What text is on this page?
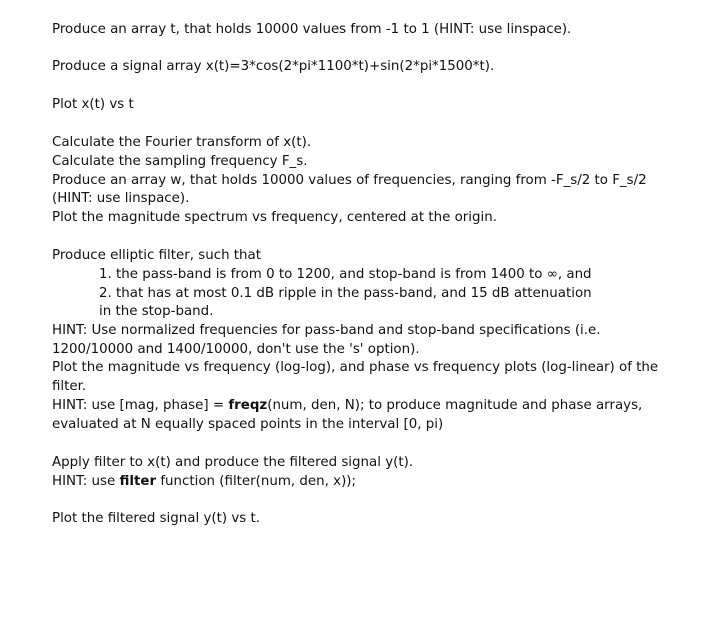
Produce an array t, that holds 10000 values from -1 to 1 (HINT: use linspace).
Produce a signal array x(t)=3*cos(2*pi*1100*t)+sin(2*pi*1500*t).
Plot x(t) vs t
Calculate the Fourier transform of x(t).
Calculate the sampling frequency F_s.
Produce an array w, that holds 10000 values of frequencies, ranging from -F_s/2 to F_s/2
(HINT: use linspace).
Plot the magnitude spectrum vs frequency, centered at the origin.
Produce elliptic filter, such that
1. the pass-band is from 0 to 1200, and stop-band is from 1400 to ∞, and
2. that has at most 0.1 dB ripple in the pass-band, and 15 dB attenuation
in the stop-band.
HINT: Use normalized frequencies for pass-band and stop-band specifications (i.e.
1200/10000 and 1400/10000, don't use the 's' option).
Plot the magnitude vs frequency (log-log), and phase vs frequency plots (log-linear) of the
filter.
HINT: use [mag, phase] = freqz(num, den, N); to produce magnitude and phase arrays,
evaluated at N equally spaced points in the interval [0, pi)
Apply filter to x(t) and produce the filtered signal y(t).
HINT: use filter function (filter(num, den, x));
Plot the filtered signal y(t) vs t.
